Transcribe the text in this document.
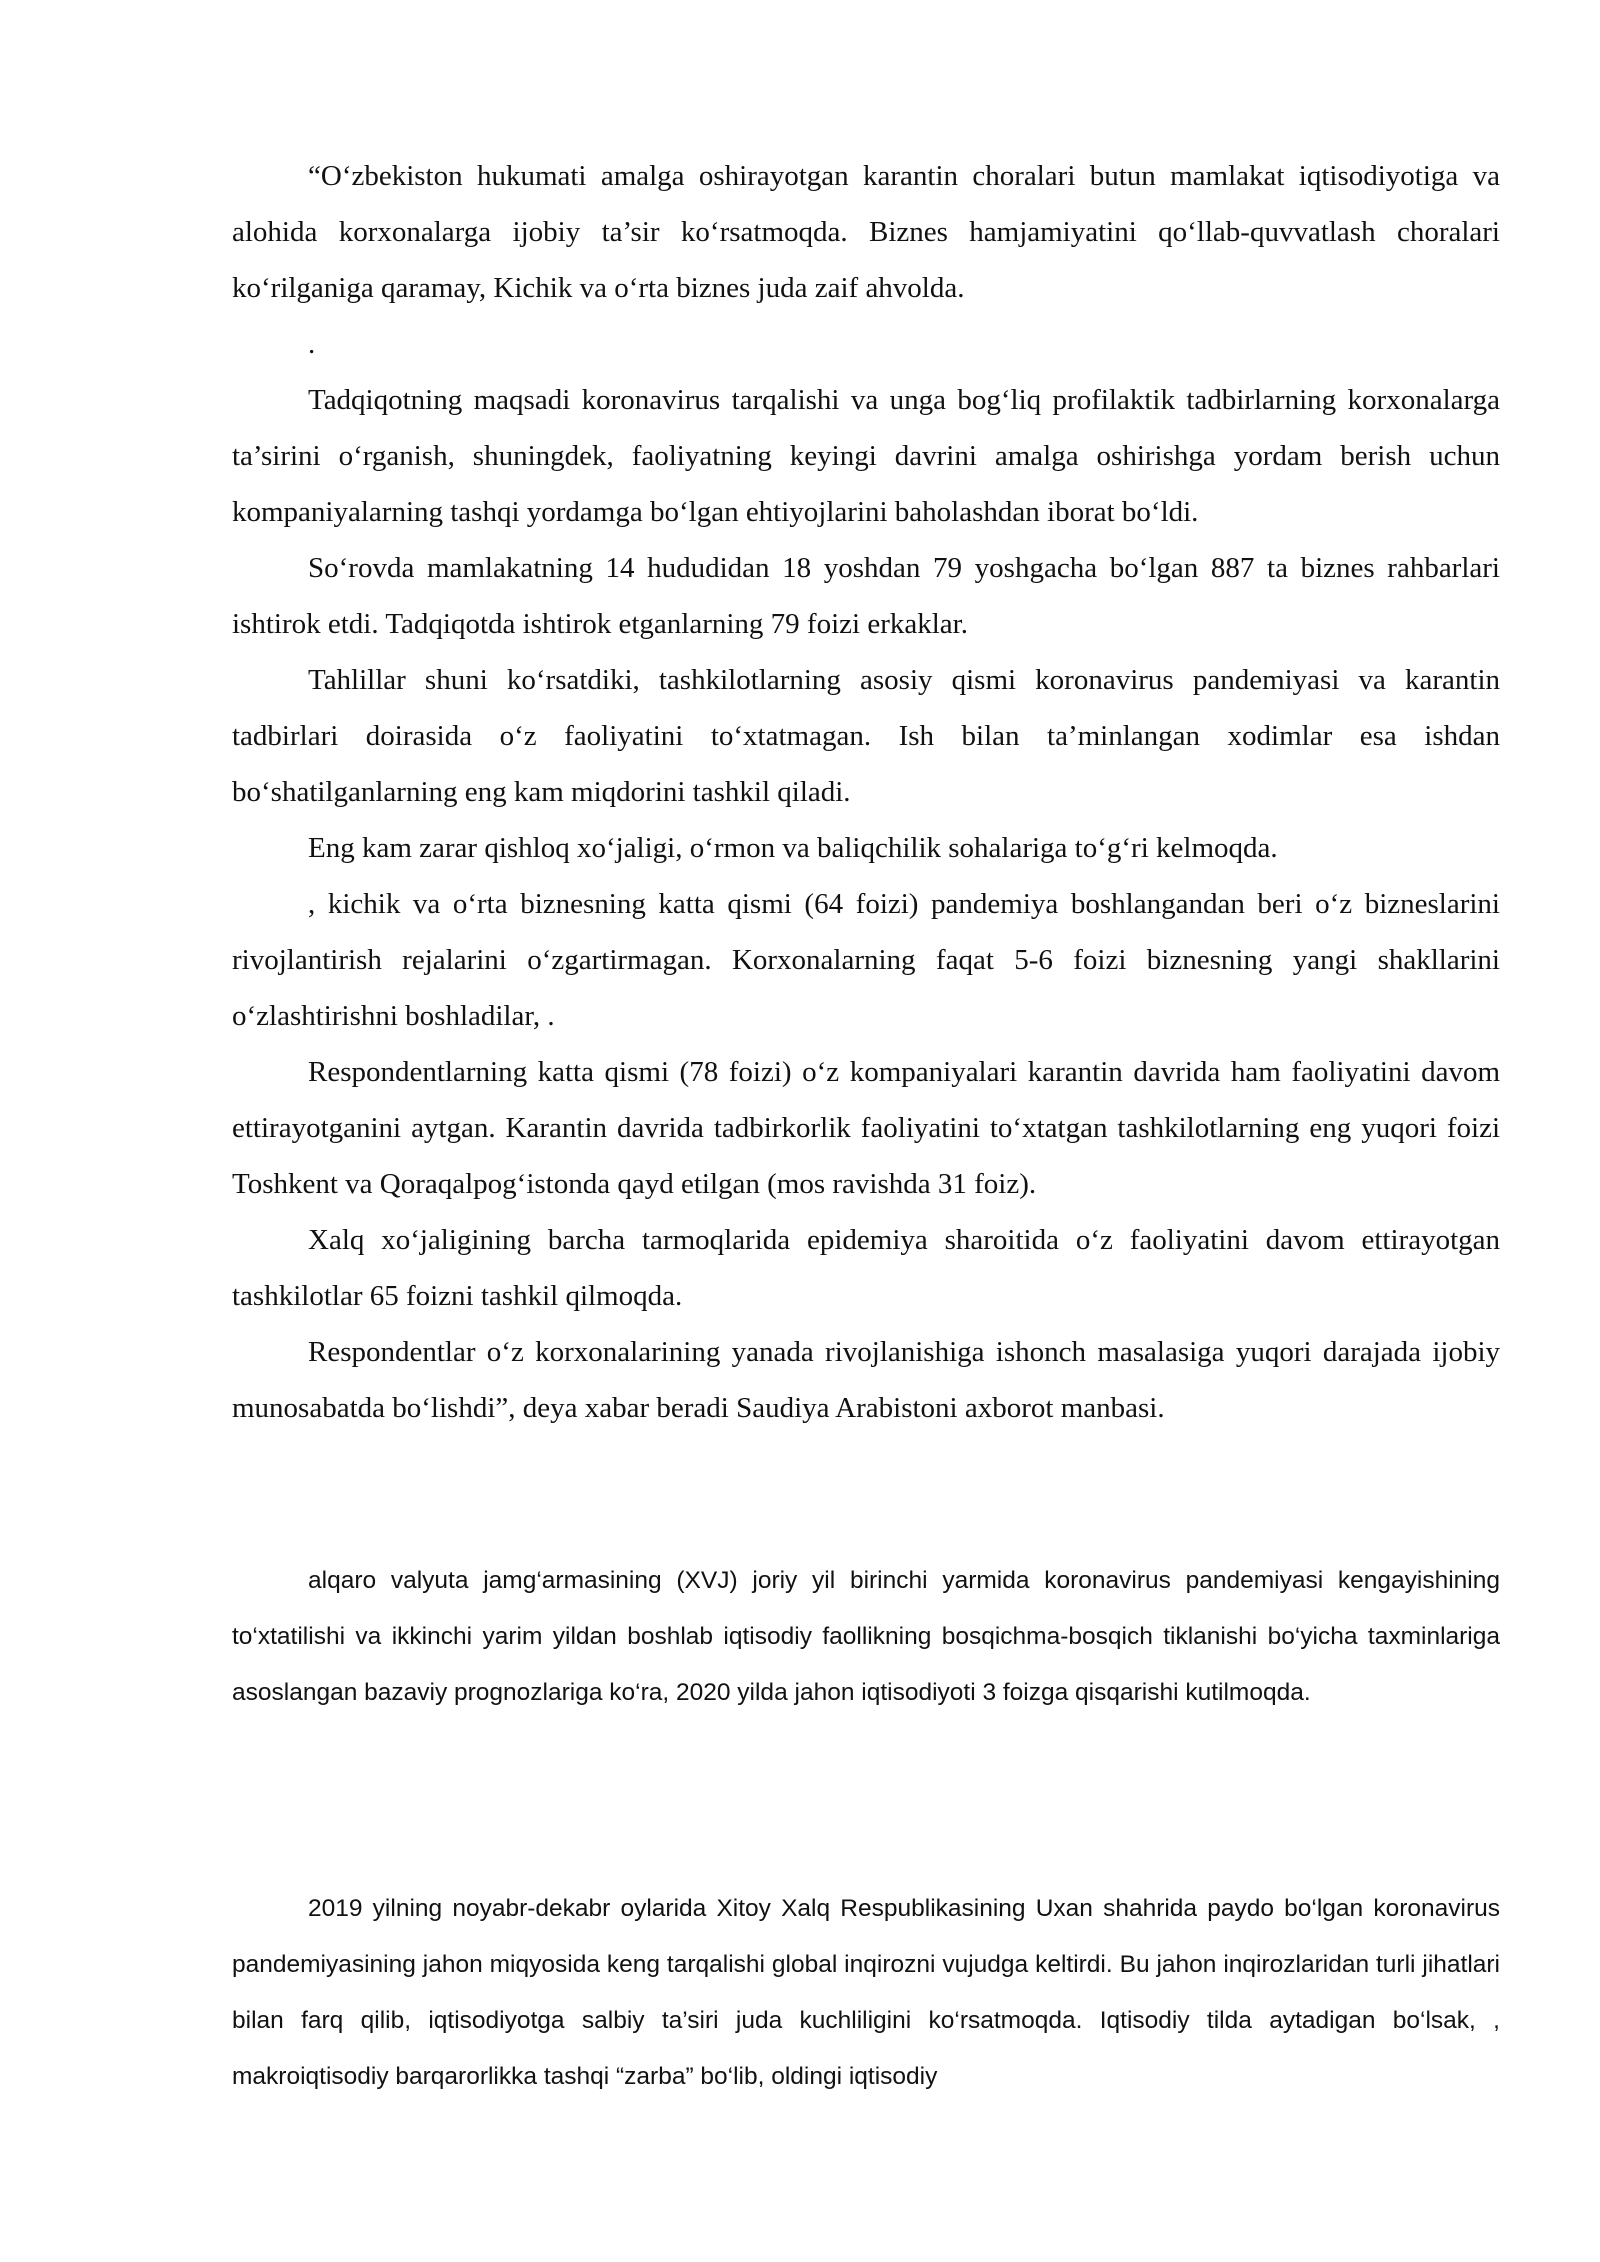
“O‘zbekiston hukumati amalga oshirayotgan karantin choralari butun mamlakat iqtisodiyotiga va alohida korxonalarga ijobiy ta’sir ko‘rsatmoqda. Biznes hamjamiyatini qo‘llab-quvvatlash choralari ko‘rilganiga qaramay, Kichik va o‘rta biznes juda zaif ahvolda.

.

Tadqiqotning maqsadi koronavirus tarqalishi va unga bog‘liq profilaktik tadbirlarning korxonalarga ta’sirini o‘rganish, shuningdek, faoliyatning keyingi davrini amalga oshirishga yordam berish uchun kompaniyalarning tashqi yordamga bo‘lgan ehtiyojlarini baholashdan iborat bo‘ldi.

So‘rovda mamlakatning 14 hududidan 18 yoshdan 79 yoshgacha bo‘lgan 887 ta biznes rahbarlari ishtirok etdi. Tadqiqotda ishtirok etganlarning 79 foizi erkaklar.

Tahlillar shuni ko‘rsatdiki, tashkilotlarning asosiy qismi koronavirus pandemiyasi va karantin tadbirlari doirasida o‘z faoliyatini to‘xtatmagan. Ish bilan ta’minlangan xodimlar esa ishdan bo‘shatilganlarning eng kam miqdorini tashkil qiladi.

Eng kam zarar qishloq xo‘jaligi, o‘rmon va baliqchilik sohalariga to‘g‘ri kelmoqda.

, kichik va o‘rta biznesning katta qismi (64 foizi) pandemiya boshlangandan beri o‘z bizneslarini rivojlantirish rejalarini o‘zgartirmagan. Korxonalarning faqat 5-6 foizi biznesning yangi shakllarini o‘zlashtirishni boshladilar, .

Respondentlarning katta qismi (78 foizi) o‘z kompaniyalari karantin davrida ham faoliyatini davom ettirayotganini aytgan. Karantin davrida tadbirkorlik faoliyatini to‘xtatgan tashkilotlarning eng yuqori foizi Toshkent va Qoraqalpog‘istonda qayd etilgan (mos ravishda 31 foiz).

Xalq xo‘jaligining barcha tarmoqlarida epidemiya sharoitida o‘z faoliyatini davom ettirayotgan tashkilotlar 65 foizni tashkil qilmoqda.

Respondentlar o‘z korxonalarining yanada rivojlanishiga ishonch masalasiga yuqori darajada ijobiy munosabatda bo‘lishdi”, deya xabar beradi Saudiya Arabistoni axborot manbasi.

alqaro valyuta jamg‘armasining (XVJ) joriy yil birinchi yarmida koronavirus pandemiyasi kengayishining to‘xtatilishi va ikkinchi yarim yildan boshlab iqtisodiy faollikning bosqichma-bosqich tiklanishi bo‘yicha taxminlariga asoslangan bazaviy prognozlariga ko‘ra, 2020 yilda jahon iqtisodiyoti 3 foizga qisqarishi kutilmoqda.

2019 yilning noyabr-dekabr oylarida Xitoy Xalq Respublikasining Uxan shahrida paydo bo‘lgan koronavirus pandemiyasining jahon miqyosida keng tarqalishi global inqirozni vujudga keltirdi. Bu jahon inqirozlaridan turli jihatlari bilan farq qilib, iqtisodiyotga salbiy ta’siri juda kuchliligini ko‘rsatmoqda. Iqtisodiy tilda aytadigan bo‘lsak, , makroiqtisodiy barqarorlikka tashqi “zarba” bo‘lib, oldingi iqtisodiy
